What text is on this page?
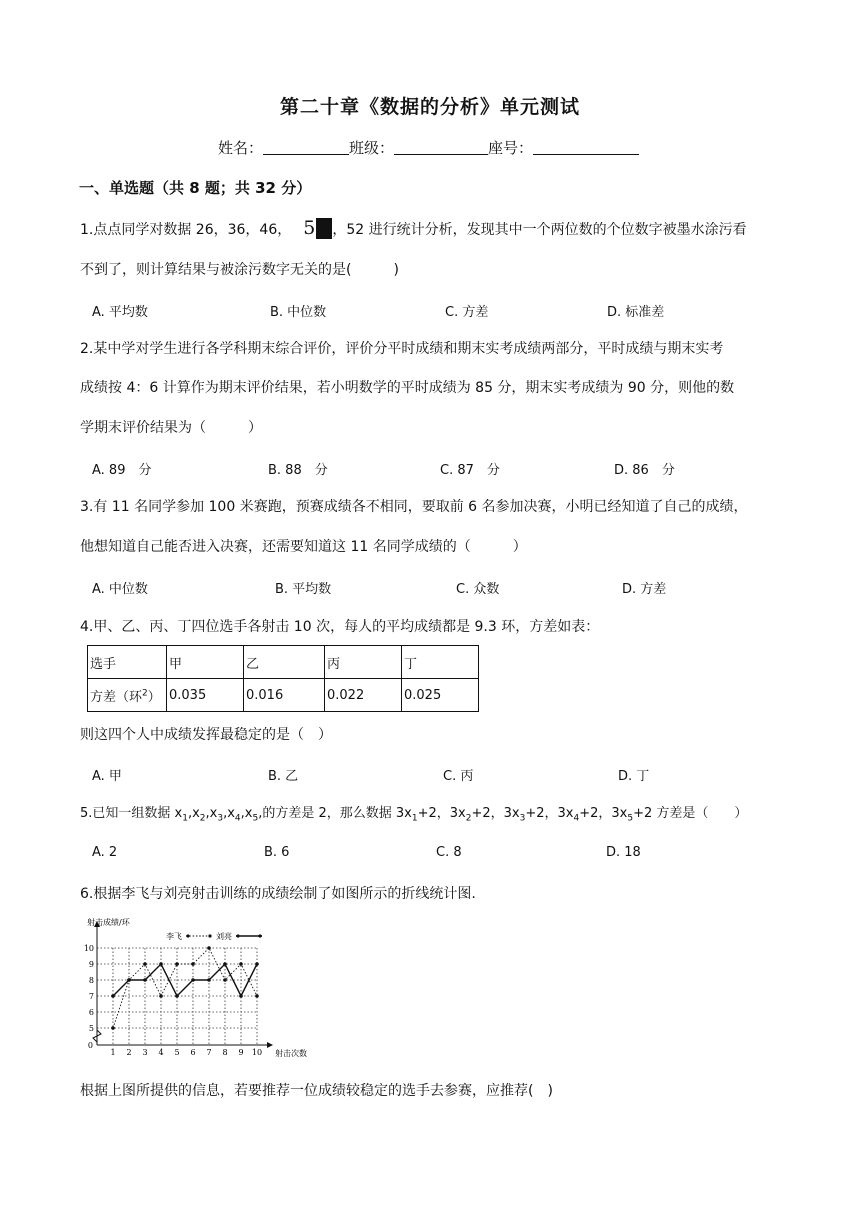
第二十章《数据的分析》单元测试
姓名：	班级：	座号：
一、单选题（共 8 题；共 32 分）
1.点点同学对数据 26，36，46， 5 ，52 进行统计分析，发现其中一个两位数的个位数字被墨水涂污看
不到了，则计算结果与被涂污数字无关的是(　　　)
A. 平均数	B. 中位数	C. 方差	D. 标准差
2.某中学对学生进行各学科期末综合评价，评价分平时成绩和期末实考成绩两部分，平时成绩与期末实考
成绩按 4：6 计算作为期末评价结果，若小明数学的平时成绩为 85 分，期末实考成绩为 90 分，则他的数
学期末评价结果为（　　　）
A. 89　分	B. 88　分	C. 87　分	D. 86　分
3.有 11 名同学参加 100 米赛跑，预赛成绩各不相同，要取前 6 名参加决赛，小明已经知道了自己的成绩，
他想知道自己能否进入决赛，还需要知道这 11 名同学成绩的（　　　）
A. 中位数	B. 平均数	C. 众数	D. 方差
4.甲、乙、丙、丁四位选手各射击 10 次，每人的平均成绩都是 9.3 环，方差如表：
选手	甲	乙	丙	丁
方差（环$^2$）	0.035	0.016	0.022	0.025
则这四个人中成绩发挥最稳定的是（　）
A. 甲	B. 乙	C. 丙	D. 丁
5.已知一组数据 $x_1,x_2,x_3,x_4,x_5$,的方差是 2，那么数据 $3x_1+2$，$3x_2+2$，$3x_3+2$，$3x_4+2$，$3x_5+2$ 方差是（　　）
A. 2	B. 6	C. 8	D. 18
6.根据李飞与刘亮射击训练的成绩绘制了如图所示的折线统计图.
5
6
7
8
9
10
1 2 3 4 5 6 7 8 9 10
0
射击成绩/环
射击次数
李飞	刘亮
根据上图所提供的信息，若要推荐一位成绩较稳定的选手去参赛，应推荐(　)
